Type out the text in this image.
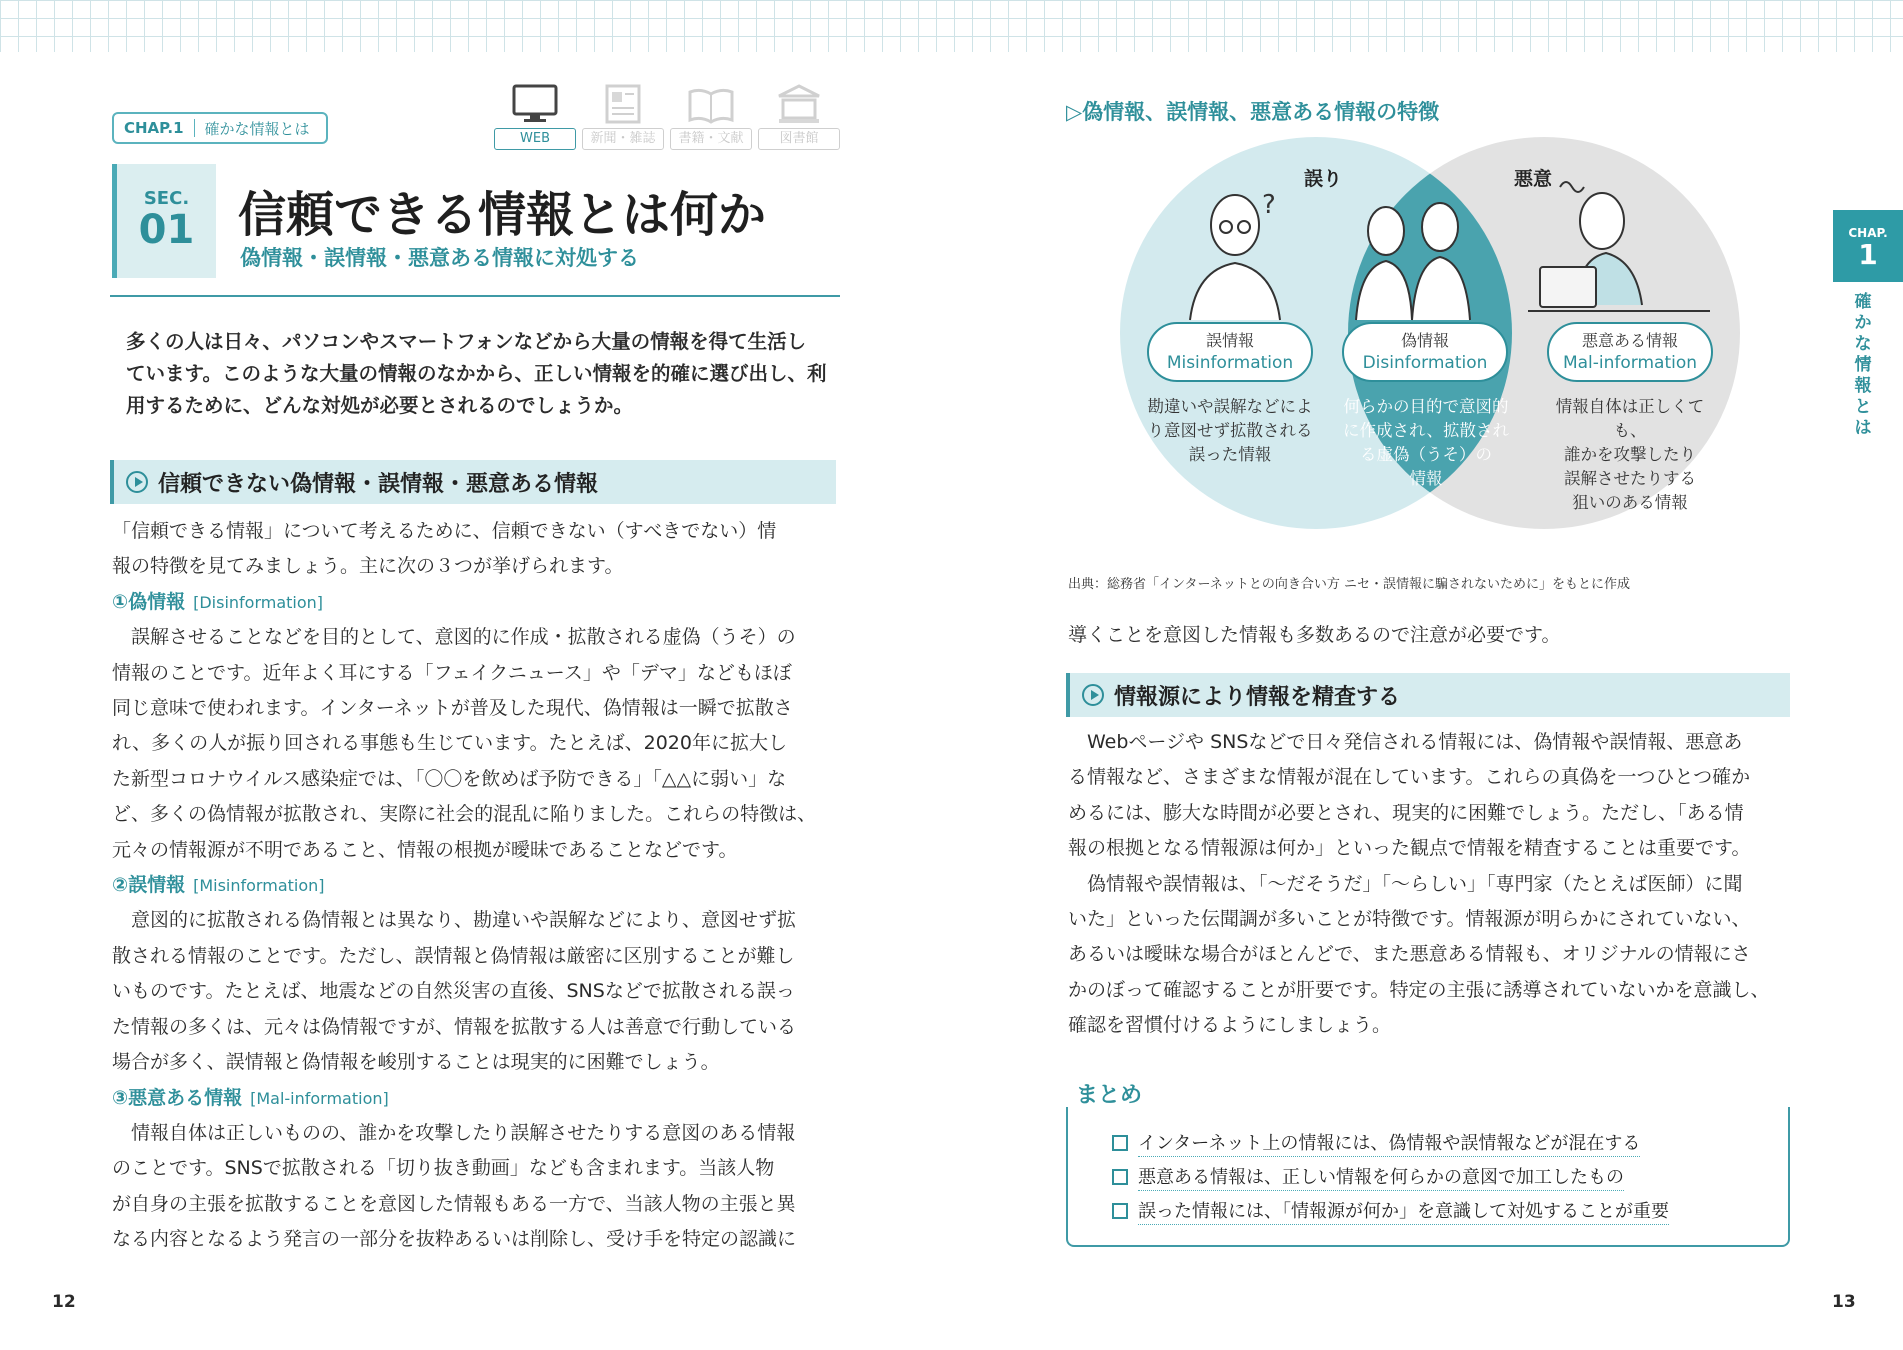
CHAP.1	確かな情報とは
WEB	新聞・雑誌	書籍・文献	図書館
SEC.
01 信頼できる情報とは何か
偽情報・誤情報・悪意ある情報に対処する
多くの人は日々、パソコンやスマートフォンなどから大量の情報を得て生活し
ています。このような大量の情報のなかから、正しい情報を的確に選び出し、利
用するために、どんな対処が必要とされるのでしょうか。
信頼できない偽情報・誤情報・悪意ある情報
「信頼できる情報」について考えるために、信頼できない（すべきでない）情
報の特徴を見てみましょう。主に次の３つが挙げられます。
①偽情報 [Disinformation]
　誤解させることなどを目的として、意図的に作成・拡散される虚偽（うそ）の
情報のことです。近年よく耳にする「フェイクニュース」や「デマ」などもほぼ
同じ意味で使われます。インターネットが普及した現代、偽情報は一瞬で拡散さ
れ、多くの人が振り回される事態も生じています。たとえば、2020年に拡大し
た新型コロナウイルス感染症では、「〇〇を飲めば予防できる」「△△に弱い」な
ど、多くの偽情報が拡散され、実際に社会的混乱に陥りました。これらの特徴は、
元々の情報源が不明であること、情報の根拠が曖昧であることなどです。
②誤情報 [Misinformation]
　意図的に拡散される偽情報とは異なり、勘違いや誤解などにより、意図せず拡
散される情報のことです。ただし、誤情報と偽情報は厳密に区別することが難し
いものです。たとえば、地震などの自然災害の直後、SNSなどで拡散される誤っ
た情報の多くは、元々は偽情報ですが、情報を拡散する人は善意で行動している
場合が多く、誤情報と偽情報を峻別することは現実的に困難でしょう。
③悪意ある情報 [Mal-information]
　情報自体は正しいものの、誰かを攻撃したり誤解させたりする意図のある情報
のことです。SNSで拡散される「切り抜き動画」なども含まれます。当該人物
が自身の主張を拡散することを意図した情報もある一方で、当該人物の主張と異
なる内容となるよう発言の一部分を抜粋あるいは削除し、受け手を特定の認識に
12
▷偽情報、誤情報、悪意ある情報の特徴
?
誤り	悪意
誤情報
Misinformation
偽情報
Disinformation
悪意ある情報
Mal-information
勘違いや誤解などによ
り意図せず拡散される
誤った情報
何らかの目的で意図的
に作成され、拡散され
る虚偽（うそ）の
情報
情報自体は正しくても、
誰かを攻撃したり
誤解させたりする
狙いのある情報
出典：総務省「インターネットとの向き合い方 ニセ・誤情報に騙されないために」をもとに作成
導くことを意図した情報も多数あるので注意が必要です。
情報源により情報を精査する
　Webページや SNSなどで日々発信される情報には、偽情報や誤情報、悪意あ
る情報など、さまざまな情報が混在しています。これらの真偽を一つひとつ確か
めるには、膨大な時間が必要とされ、現実的に困難でしょう。ただし、「ある情
報の根拠となる情報源は何か」といった観点で情報を精査することは重要です。
　偽情報や誤情報は、「〜だそうだ」「〜らしい」「専門家（たとえば医師）に聞
いた」といった伝聞調が多いことが特徴です。情報源が明らかにされていない、
あるいは曖昧な場合がほとんどで、また悪意ある情報も、オリジナルの情報にさ
かのぼって確認することが肝要です。特定の主張に誘導されていないかを意識し、
確認を習慣付けるようにしましょう。
まとめ
インターネット上の情報には、偽情報や誤情報などが混在する
悪意ある情報は、正しい情報を何らかの意図で加工したもの
誤った情報には、「情報源が何か」を意識して対処することが重要
CHAP.
1
確かな情報とは
13
